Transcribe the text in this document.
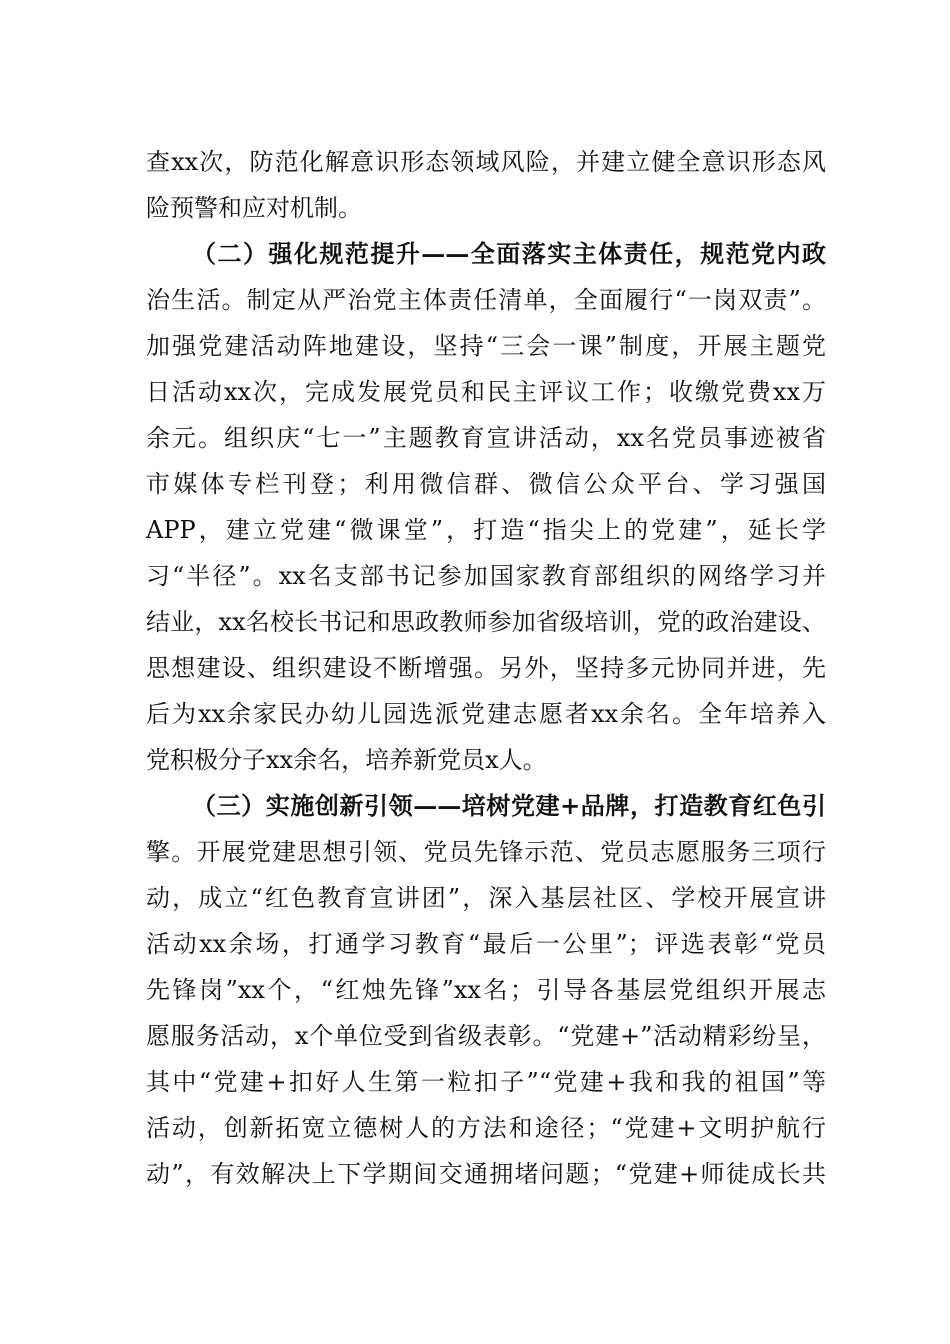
查xx次，防范化解意识形态领域风险，并建立健全意识形态风
险预警和应对机制。
（二）强化规范提升——全面落实主体责任，规范党内政
治生活。制定从严治党主体责任清单，全面履行“一岗双责”。
加强党建活动阵地建设，坚持“三会一课”制度，开展主题党
日活动xx次，完成发展党员和民主评议工作；收缴党费xx万
余元。组织庆“七一”主题教育宣讲活动，xx名党员事迹被省
市媒体专栏刊登；利用微信群、微信公众平台、学习强国
APP，建立党建“微课堂”，打造“指尖上的党建”，延长学
习“半径”。xx名支部书记参加国家教育部组织的网络学习并
结业，xx名校长书记和思政教师参加省级培训，党的政治建设、
思想建设、组织建设不断增强。另外，坚持多元协同并进，先
后为xx余家民办幼儿园选派党建志愿者xx余名。全年培养入
党积极分子xx余名，培养新党员x人。
（三）实施创新引领——培树党建+品牌，打造教育红色引
擎。开展党建思想引领、党员先锋示范、党员志愿服务三项行
动，成立“红色教育宣讲团”，深入基层社区、学校开展宣讲
活动xx余场，打通学习教育“最后一公里”；评选表彰“党员
先锋岗”xx个，“红烛先锋”xx名；引导各基层党组织开展志
愿服务活动，x个单位受到省级表彰。“党建+”活动精彩纷呈，
其中“党建+扣好人生第一粒扣子”“党建+我和我的祖国”等
活动，创新拓宽立德树人的方法和途径；“党建+文明护航行
动”，有效解决上下学期间交通拥堵问题；“党建+师徒成长共
